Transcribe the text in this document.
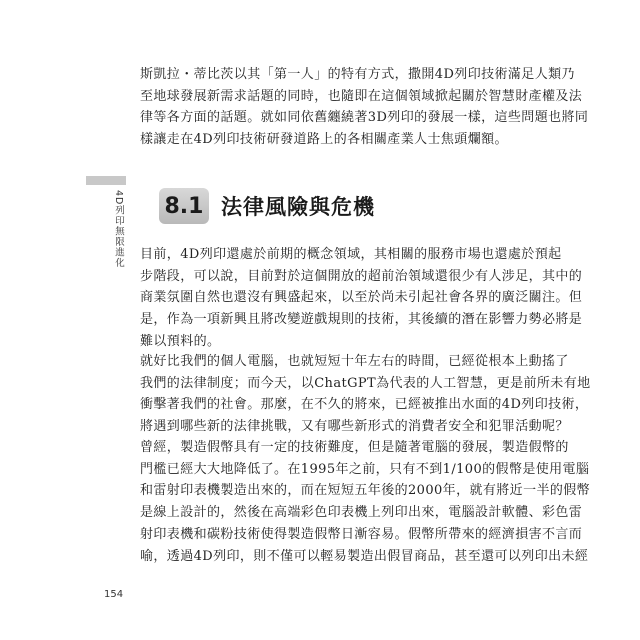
斯凱拉・蒂比茨以其「第一人」的特有方式，撒開4D列印技術滿足人類乃
至地球發展新需求話題的同時，也隨即在這個領域掀起關於智慧財產權及法
律等各方面的話題。就如同依舊纏繞著3D列印的發展一樣，這些問題也將同
樣讓走在4D列印技術研發道路上的各相關產業人士焦頭爛額。
4D列印無限進化 8.1 法律風險與危機
目前，4D列印還處於前期的概念領域，其相關的服務市場也還處於預起
步階段，可以說，目前對於這個開放的超前治領域還很少有人涉足，其中的
商業氛圍自然也還沒有興盛起來，以至於尚未引起社會各界的廣泛關注。但
是，作為一項新興且將改變遊戲規則的技術，其後續的潛在影響力勢必將是
難以預料的。
就好比我們的個人電腦，也就短短十年左右的時間，已經從根本上動搖了
我們的法律制度；而今天，以ChatGPT為代表的人工智慧，更是前所未有地
衝擊著我們的社會。那麼，在不久的將來，已經被推出水面的4D列印技術，
將遇到哪些新的法律挑戰，又有哪些新形式的消費者安全和犯罪活動呢？
曾經，製造假幣具有一定的技術難度，但是隨著電腦的發展，製造假幣的
門檻已經大大地降低了。在1995年之前，只有不到1/100的假幣是使用電腦
和雷射印表機製造出來的，而在短短五年後的2000年，就有將近一半的假幣
是線上設計的，然後在高端彩色印表機上列印出來，電腦設計軟體、彩色雷
射印表機和碳粉技術使得製造假幣日漸容易。假幣所帶來的經濟損害不言而
喻，透過4D列印，則不僅可以輕易製造出假冒商品，甚至還可以列印出未經
154
